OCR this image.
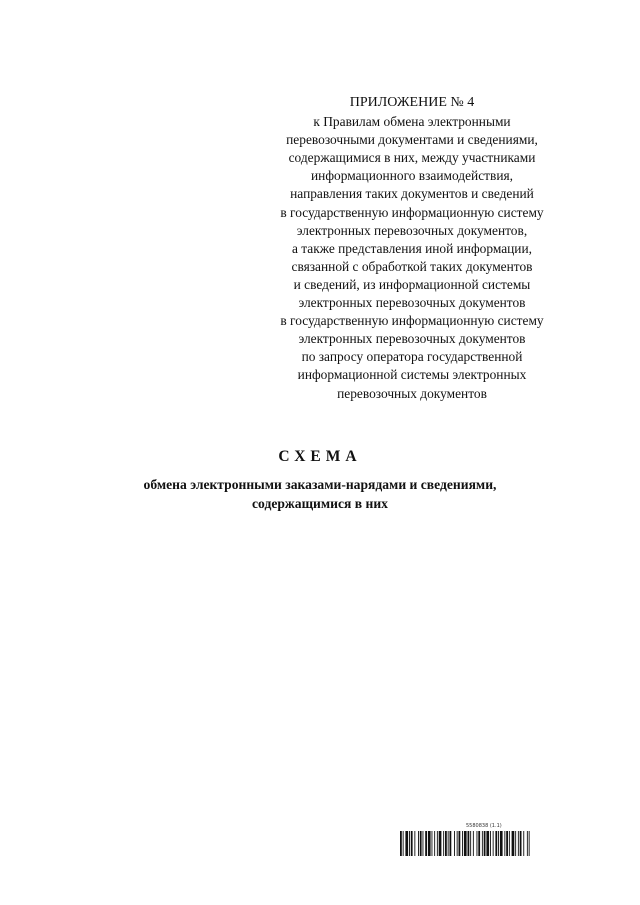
ПРИЛОЖЕНИЕ № 4
к Правилам обмена электронными
перевозочными документами и сведениями,
содержащимися в них, между участниками
информационного взаимодействия,
направления таких документов и сведений
в государственную информационную систему
электронных перевозочных документов,
а также представления иной информации,
связанной с обработкой таких документов
и сведений, из информационной системы
электронных перевозочных документов
в государственную информационную систему
электронных перевозочных документов
по запросу оператора государственной
информационной системы электронных
перевозочных документов
СХЕМА
обмена электронными заказами-нарядами и сведениями,
содержащимися в них
5580838 (1.1)
